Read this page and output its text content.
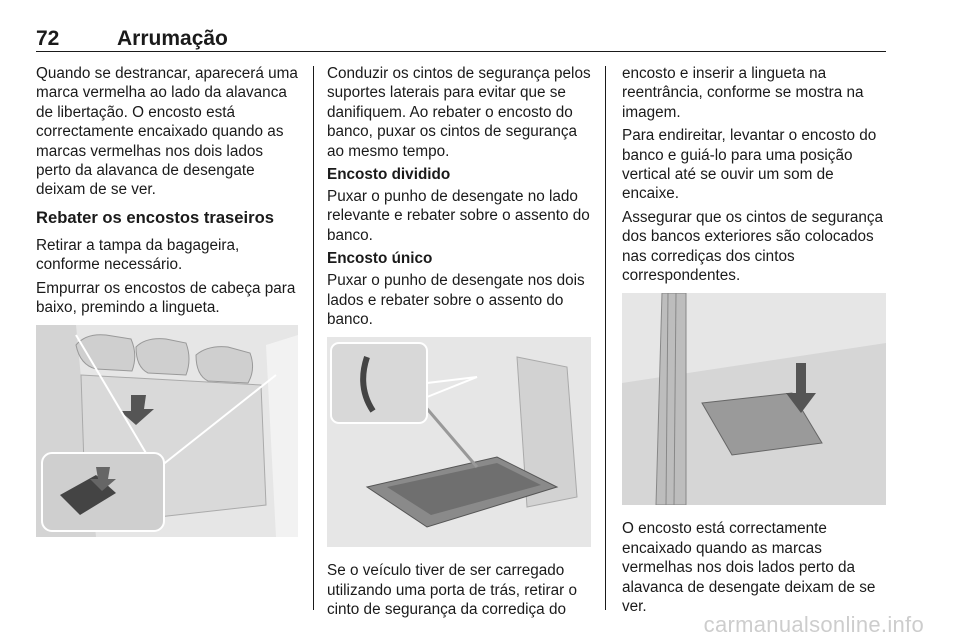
72	Arrumação

Quando se destrancar, aparecerá uma marca vermelha ao lado da alavanca de libertação. O encosto está correctamente encaixado quando as marcas vermelhas nos dois lados perto da alavanca de desengate deixam de se ver.

Rebater os encostos traseiros

Retirar a tampa da bagageira, conforme necessário.

Empurrar os encostos de cabeça para baixo, premindo a lingueta.

Conduzir os cintos de segurança pelos suportes laterais para evitar que se danifiquem. Ao rebater o encosto do banco, puxar os cintos de segurança ao mesmo tempo.

Encosto dividido

Puxar o punho de desengate no lado relevante e rebater sobre o assento do banco.

Encosto único

Puxar o punho de desengate nos dois lados e rebater sobre o assento do banco.

Se o veículo tiver de ser carregado utilizando uma porta de trás, retirar o cinto de segurança da corrediça do

encosto e inserir a lingueta na reentrância, conforme se mostra na imagem.

Para endireitar, levantar o encosto do banco e guiá-lo para uma posição vertical até se ouvir um som de encaixe.

Assegurar que os cintos de segurança dos bancos exteriores são colocados nas corrediças dos cintos correspondentes.

O encosto está correctamente encaixado quando as marcas vermelhas nos dois lados perto da alavanca de desengate deixam de se ver.

carmanualsonline.info
